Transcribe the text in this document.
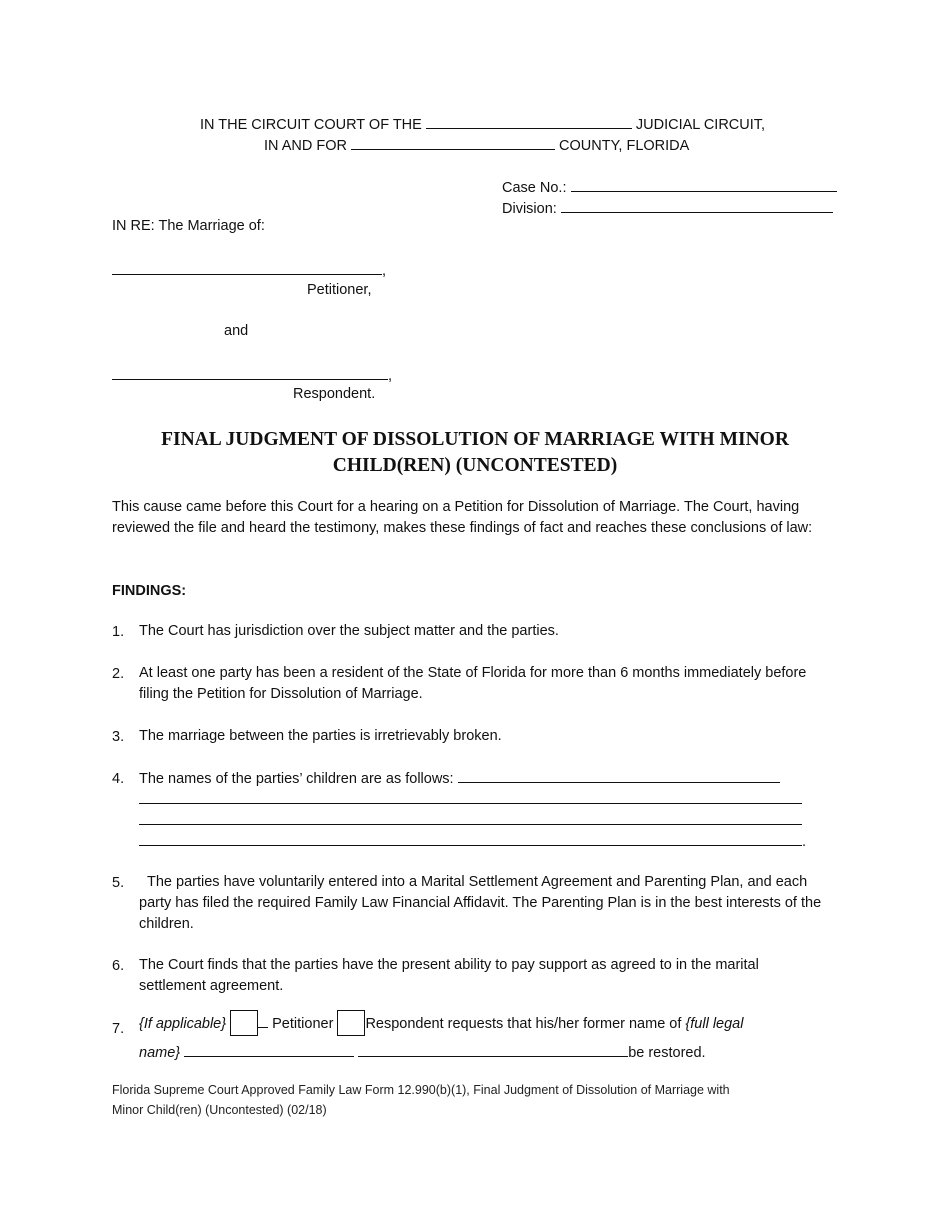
IN THE CIRCUIT COURT OF THE	JUDICIAL CIRCUIT,
IN AND FOR	COUNTY, FLORIDA
Case No.:
Division:
IN RE: The Marriage of:
,
Petitioner,
and
,
Respondent.
FINAL JUDGMENT OF DISSOLUTION OF MARRIAGE WITH MINOR
CHILD(REN) (UNCONTESTED)
This cause came before this Court for a hearing on a Petition for Dissolution of Marriage. The Court, having reviewed the file and heard the testimony, makes these findings of fact and reaches these conclusions of law:
FINDINGS:
1. The Court has jurisdiction over the subject matter and the parties.
2. At least one party has been a resident of the State of Florida for more than 6 months immediately before filing the Petition for Dissolution of Marriage.
3. The marriage between the parties is irretrievably broken.
4. The names of the parties’ children are as follows:
.
5.	The parties have voluntarily entered into a Marital Settlement Agreement and Parenting Plan, and each party has filed the required Family Law Financial Affidavit. The Parenting Plan is in the best interests of the children.
6. The Court finds that the parties have the present ability to pay support as agreed to in the marital settlement agreement.
7. {If applicable}	Petitioner Respondent requests that his/her former name of {full legal
name}	be restored.
Florida Supreme Court Approved Family Law Form 12.990(b)(1), Final Judgment of Dissolution of Marriage with
Minor Child(ren) (Uncontested) (02/18)
